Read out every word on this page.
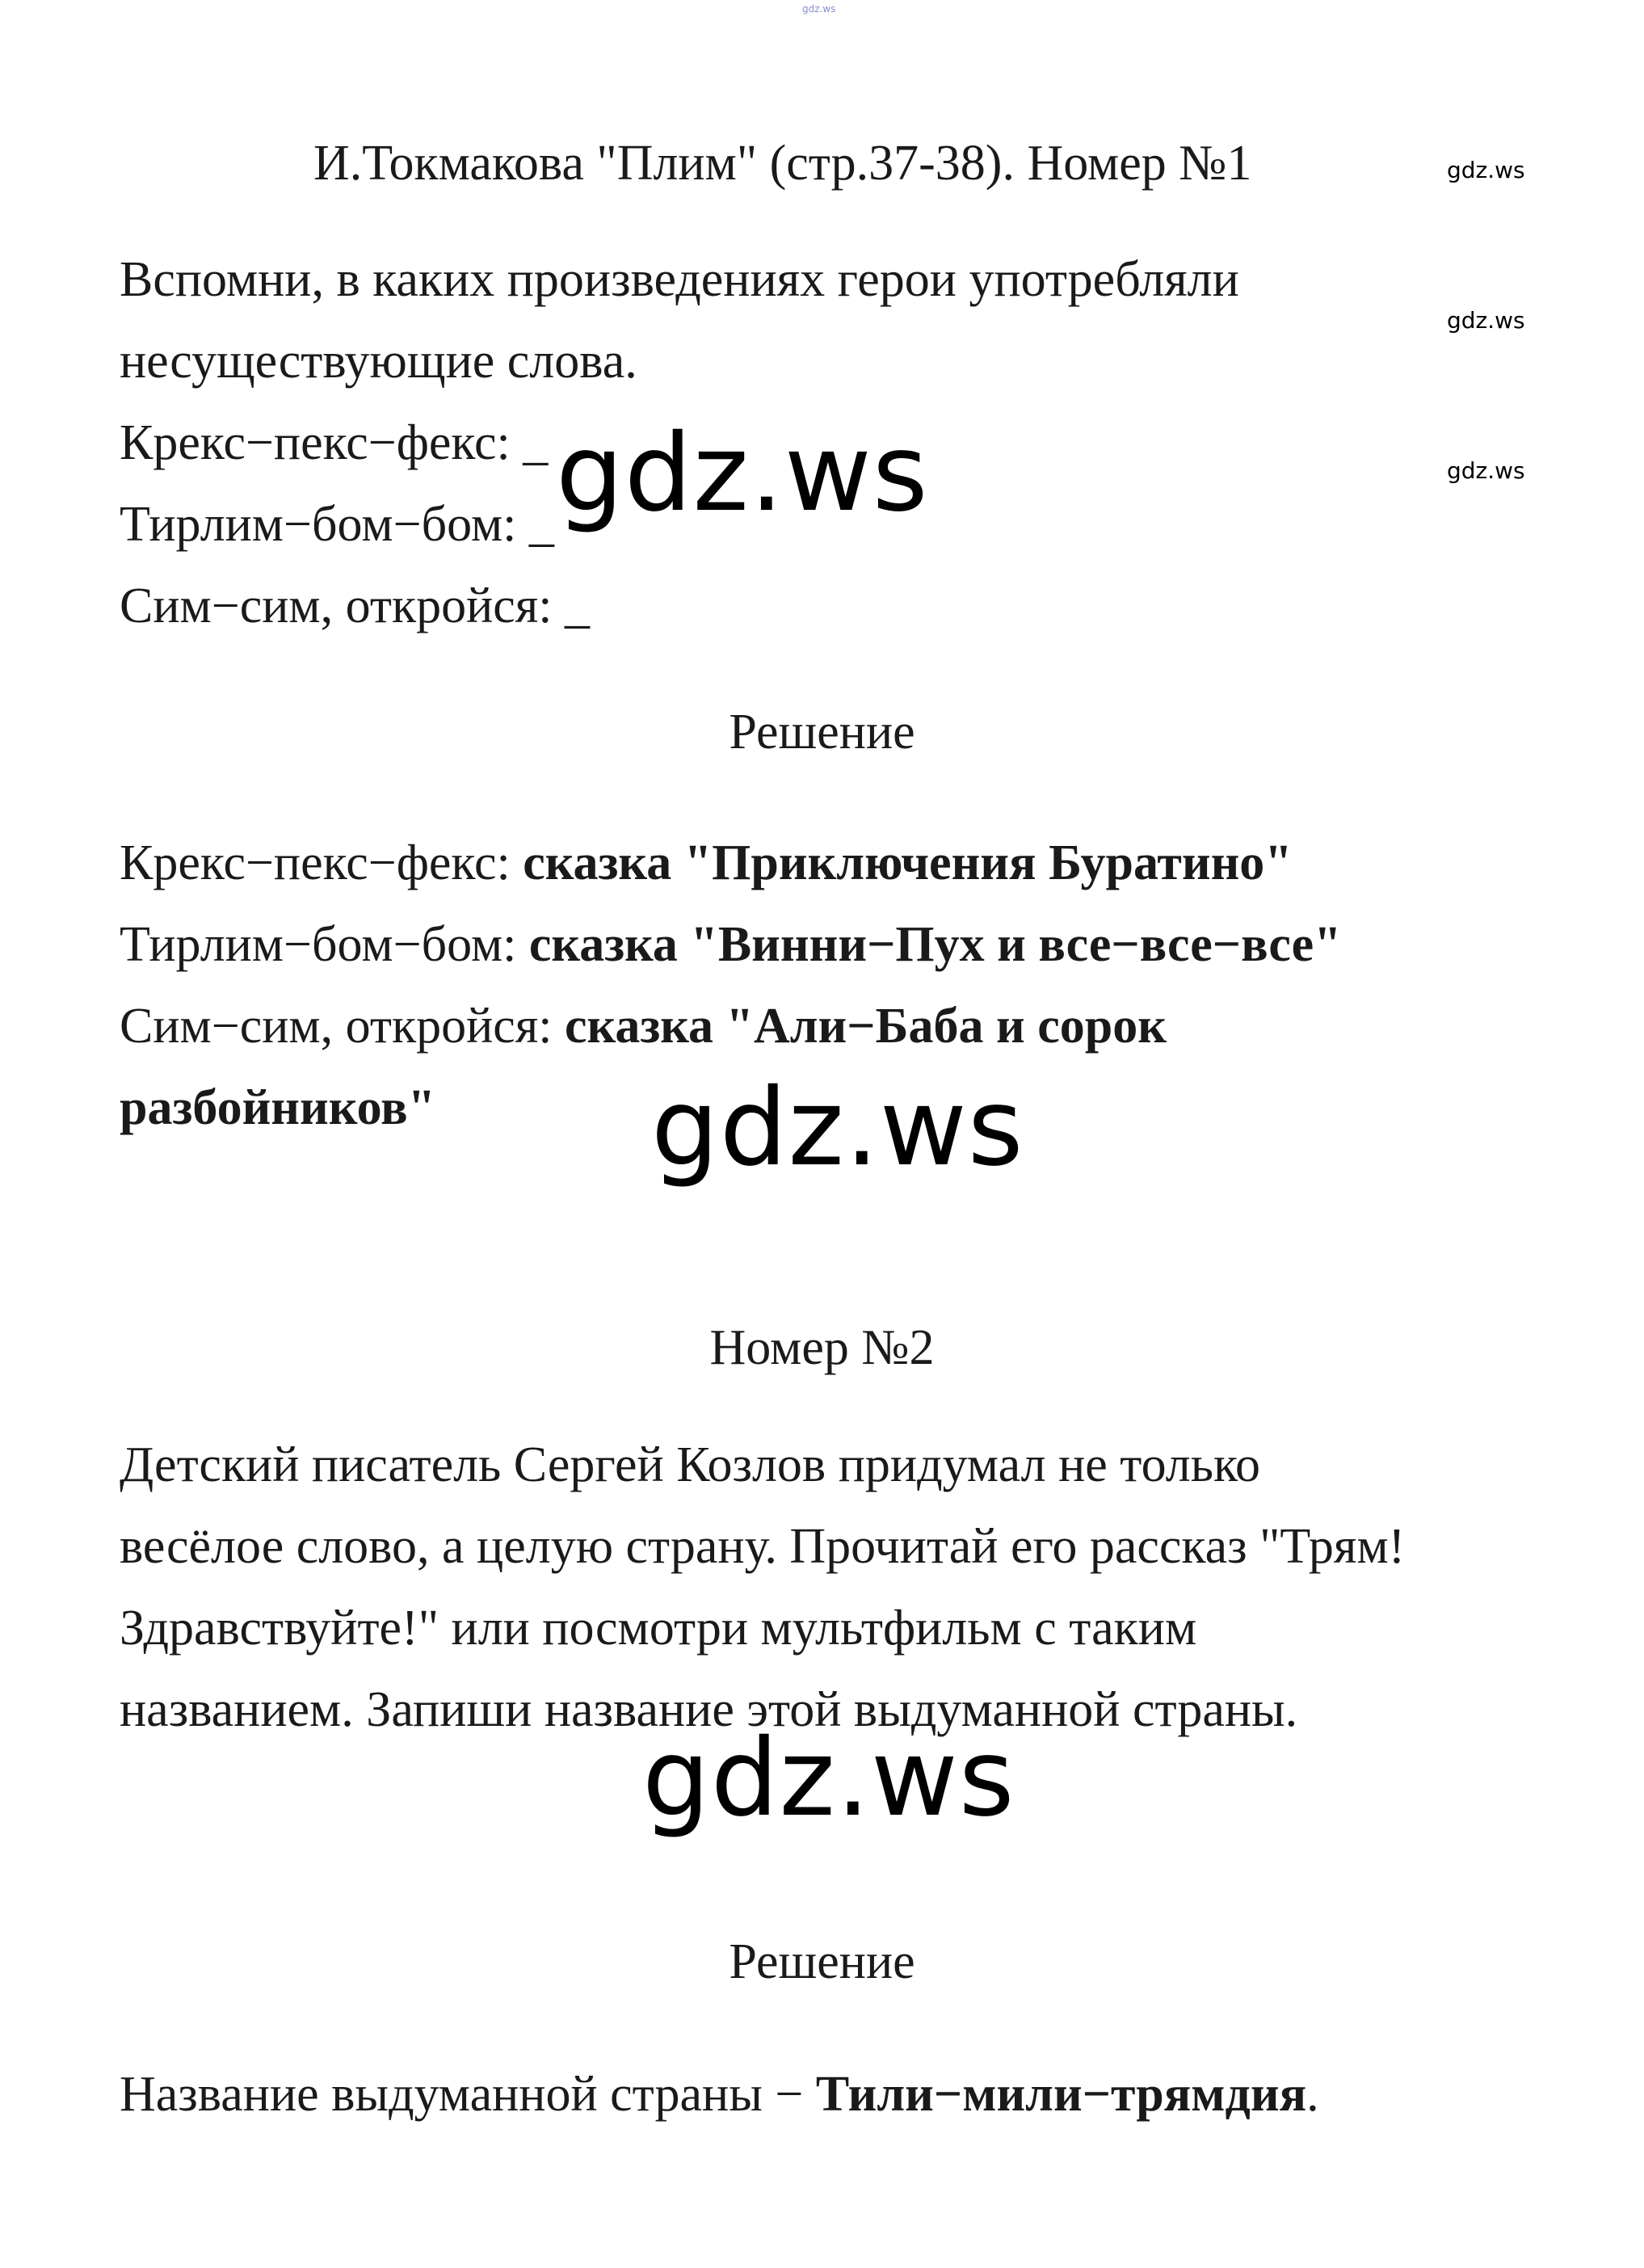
gdz.ws
И.Токмакова "Плим" (стр.37-38). Номер №1	gdz.ws
Вспомни, в каких произведениях герои употребляли
gdz.ws
несуществующие слова.
Крекс−пекс−фекс: _
gdz.ws
Тирлим−бом−бом: _
Сим−сим, откройся: _
gdz.ws
Решение
Крекс−пекс−фекс: сказка "Приключения Буратино"
Тирлим−бом−бом: сказка "Винни−Пух и все−все−все"
Сим−сим, откройся: сказка "Али−Баба и сорок
разбойников" gdz.ws
Номер №2
Детский писатель Сергей Козлов придумал не только
весёлое слово, а целую страну. Прочитай его рассказ "Трям!
Здравствуйте!" или посмотри мультфильм с таким
названием. Запиши название этой выдуманной страны.
gdz.ws
Решение
Название выдуманной страны − Тили−мили−трямдия.
